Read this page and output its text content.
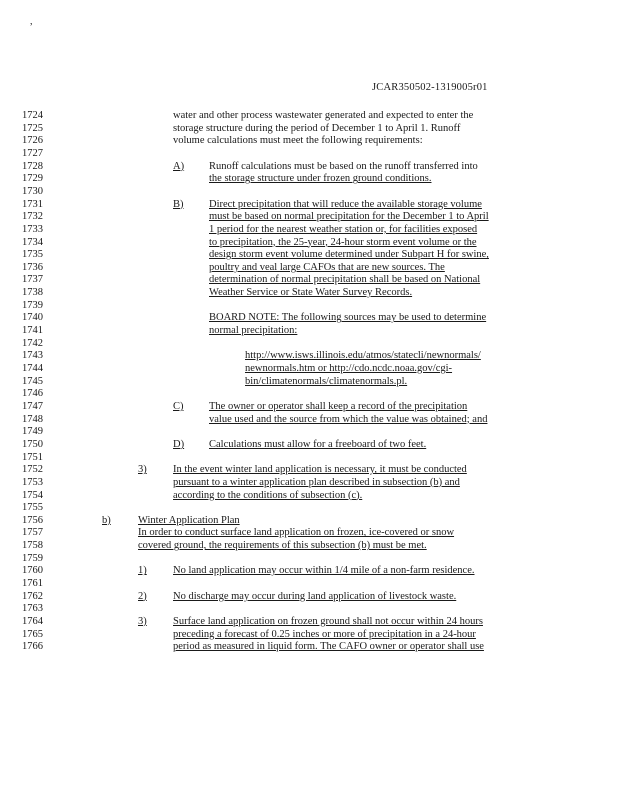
,
JCAR350502-1319005r01
1724	water and other process wastewater generated and expected to enter the
1725	storage structure during the period of December 1 to April 1. Runoff
1726	volume calculations must meet the following requirements:
1727
1728	A) Runoff calculations must be based on the runoff transferred into
1729	the storage structure under frozen ground conditions.
1730
1731	B) Direct precipitation that will reduce the available storage volume
1732	must be based on normal precipitation for the December 1 to April
1733	1 period for the nearest weather station or, for facilities exposed
1734	to precipitation, the 25-year, 24-hour storm event volume or the
1735	design storm event volume determined under Subpart H for swine,
1736	poultry and veal large CAFOs that are new sources. The
1737	determination of normal precipitation shall be based on National
1738	Weather Service or State Water Survey Records.
1739
1740	BOARD NOTE: The following sources may be used to determine
1741	normal precipitation:
1742
1743	http://www.isws.illinois.edu/atmos/statecli/newnormals/
1744	newnormals.htm or http://cdo.ncdc.noaa.gov/cgi-
1745	bin/climatenormals/climatenormals.pl.
1746
1747	C) The owner or operator shall keep a record of the precipitation
1748	value used and the source from which the value was obtained; and
1749
1750	D) Calculations must allow for a freeboard of two feet.
1751
1752	3)	In the event winter land application is necessary, it must be conducted
1753	pursuant to a winter application plan described in subsection (b) and
1754	according to the conditions of subsection (c).
1755
1756	b)	Winter Application Plan
1757	In order to conduct surface land application on frozen, ice-covered or snow
1758	covered ground, the requirements of this subsection (b) must be met.
1759
1760	1)	No land application may occur within 1/4 mile of a non-farm residence.
1761
1762	2)	No discharge may occur during land application of livestock waste.
1763
1764	3)	Surface land application on frozen ground shall not occur within 24 hours
1765	preceding a forecast of 0.25 inches or more of precipitation in a 24-hour
1766	period as measured in liquid form. The CAFO owner or operator shall use
